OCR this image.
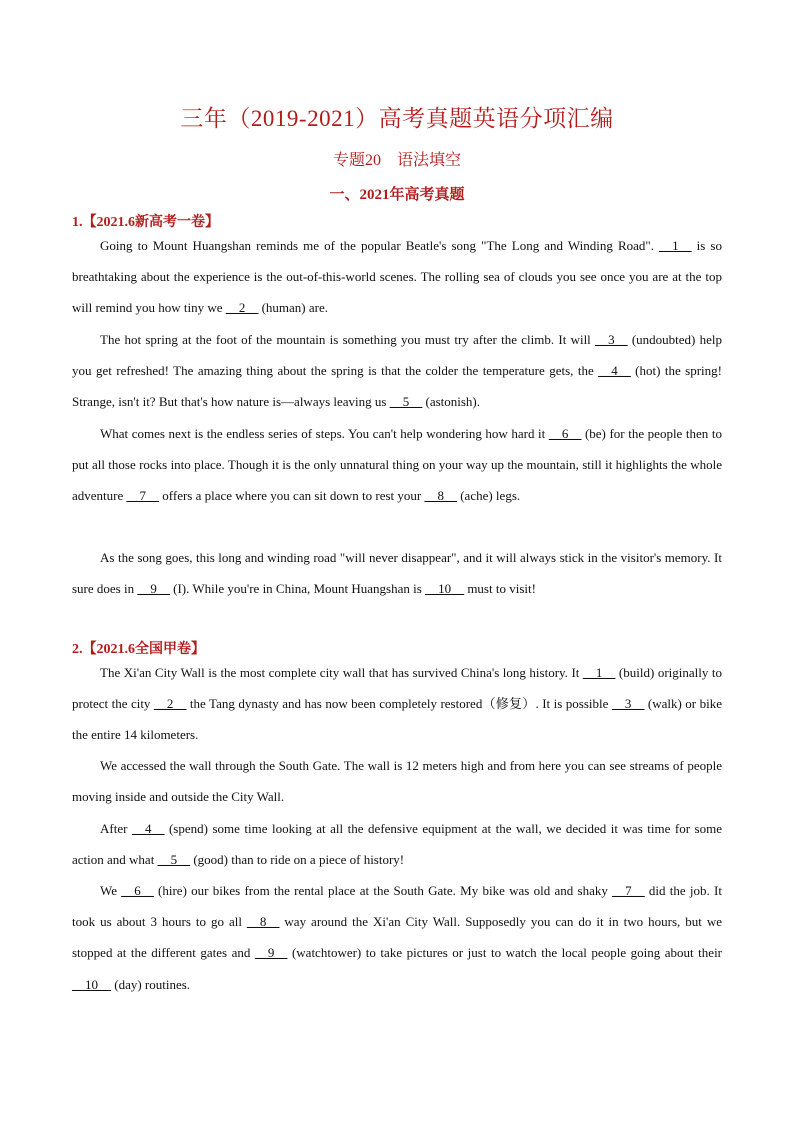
三年（2019-2021）高考真题英语分项汇编
专题20　语法填空
一、2021年高考真题
1.【2021.6新高考一卷】
Going to Mount Huangshan reminds me of the popular Beatle's song "The Long and Winding Road". __1__ is so breathtaking about the experience is the out-of-this-world scenes. The rolling sea of clouds you see once you are at the top will remind you how tiny we __2__ (human) are.
The hot spring at the foot of the mountain is something you must try after the climb. It will __3__ (undoubted) help you get refreshed! The amazing thing about the spring is that the colder the temperature gets, the __4__ (hot) the spring! Strange, isn't it? But that's how nature is—always leaving us __5__ (astonish).
What comes next is the endless series of steps. You can't help wondering how hard it __6__ (be) for the people then to put all those rocks into place. Though it is the only unnatural thing on your way up the mountain, still it highlights the whole adventure __7__ offers a place where you can sit down to rest your __8__ (ache) legs.
As the song goes, this long and winding road "will never disappear", and it will always stick in the visitor's memory. It sure does in __9__ (I). While you're in China, Mount Huangshan is __10__ must to visit!
2.【2021.6全国甲卷】
The Xi'an City Wall is the most complete city wall that has survived China's long history. It __1__ (build) originally to protect the city __2__ the Tang dynasty and has now been completely restored（修复）. It is possible __3__ (walk) or bike the entire 14 kilometers.
We accessed the wall through the South Gate. The wall is 12 meters high and from here you can see streams of people moving inside and outside the City Wall.
After __4__ (spend) some time looking at all the defensive equipment at the wall, we decided it was time for some action and what __5__ (good) than to ride on a piece of history!
We __6__ (hire) our bikes from the rental place at the South Gate. My bike was old and shaky __7__ did the job. It took us about 3 hours to go all __8__ way around the Xi'an City Wall. Supposedly you can do it in two hours, but we stopped at the different gates and __9__ (watchtower) to take pictures or just to watch the local people going about their __10__ (day) routines.
